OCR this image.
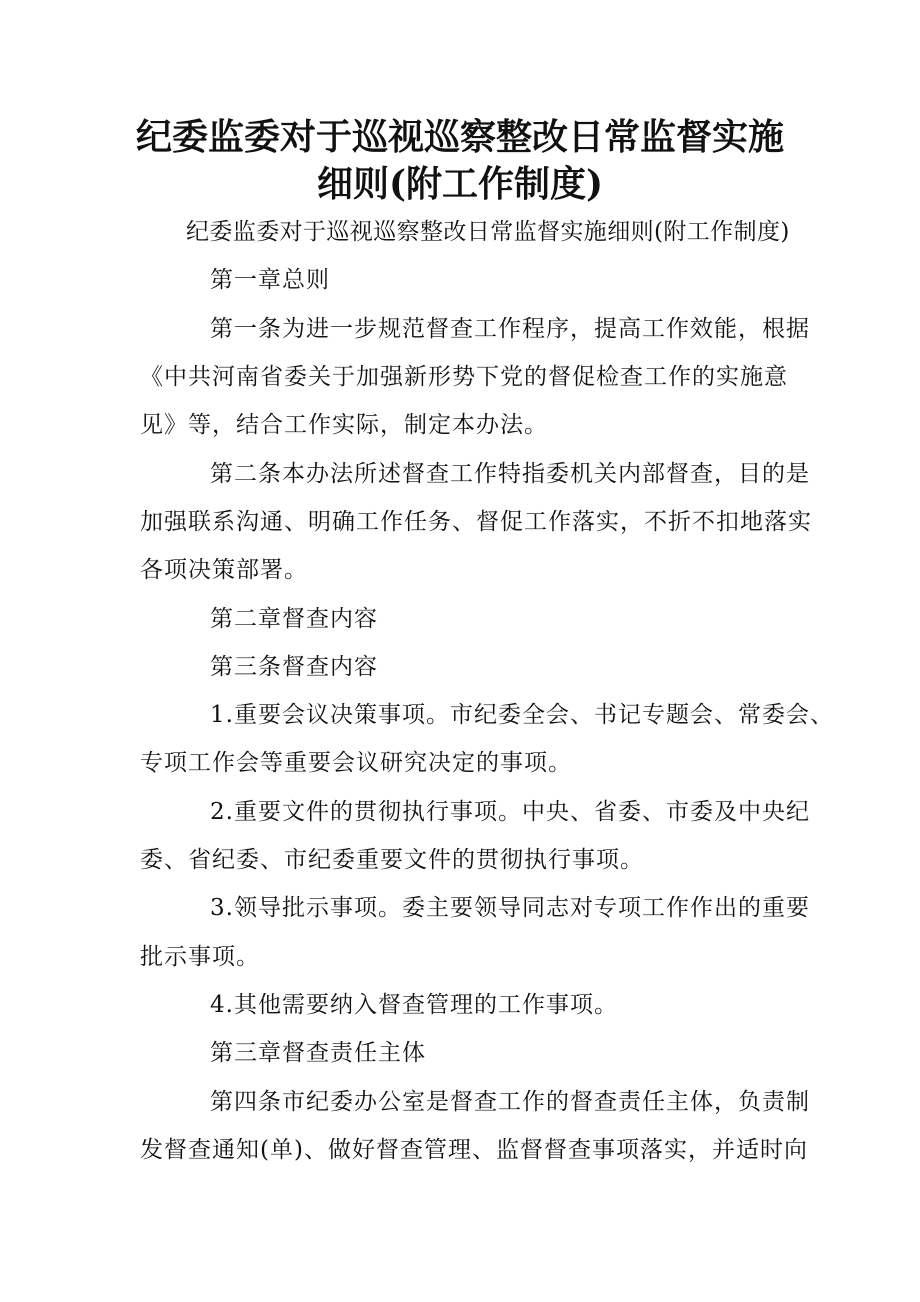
纪委监委对于巡视巡察整改日常监督实施
细则(附工作制度)
纪委监委对于巡视巡察整改日常监督实施细则(附工作制度)
第一章总则
第一条为进一步规范督查工作程序，提高工作效能，根据
《中共河南省委关于加强新形势下党的督促检查工作的实施意
见》等，结合工作实际，制定本办法。
第二条本办法所述督查工作特指委机关内部督查，目的是
加强联系沟通、明确工作任务、督促工作落实，不折不扣地落实
各项决策部署。
第二章督查内容
第三条督查内容
1.重要会议决策事项。市纪委全会、书记专题会、常委会、
专项工作会等重要会议研究决定的事项。
2.重要文件的贯彻执行事项。中央、省委、市委及中央纪
委、省纪委、市纪委重要文件的贯彻执行事项。
3.领导批示事项。委主要领导同志对专项工作作出的重要
批示事项。
4.其他需要纳入督查管理的工作事项。
第三章督查责任主体
第四条市纪委办公室是督查工作的督查责任主体，负责制
发督查通知(单)、做好督查管理、监督督查事项落实，并适时向
